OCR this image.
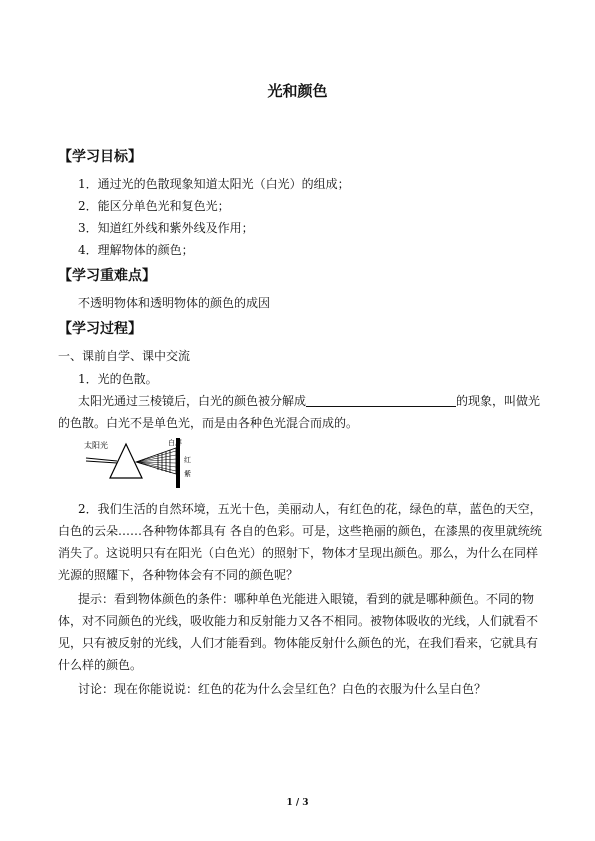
光和颜色
【学习目标】
1．通过光的色散现象知道太阳光（白光）的组成；
2．能区分单色光和复色光；
3．知道红外线和紫外线及作用；
4．理解物体的颜色；
【学习重难点】
不透明物体和透明物体的颜色的成因
【学习过程】
一、课前自学、课中交流
1．光的色散。
太阳光通过三棱镜后，白光的颜色被分解成	的现象，叫做光
的色散。白光不是单色光，而是由各种色光混合而成的。
太阳光	白屏
红
紫
2．我们生活的自然环境，五光十色，美丽动人，有红色的花，绿色的草，蓝色的天空，
白色的云朵……各种物体都具有 各自的色彩。可是，这些艳丽的颜色，在漆黑的夜里就统统
消失了。这说明只有在阳光（白色光）的照射下，物体才呈现出颜色。那么，为什么在同样
光源的照耀下，各种物体会有不同的颜色呢？
提示：看到物体颜色的条件：哪种单色光能进入眼镜，看到的就是哪种颜色。不同的物
体，对不同颜色的光线，吸收能力和反射能力又各不相同。被物体吸收的光线，人们就看不
见，只有被反射的光线，人们才能看到。物体能反射什么颜色的光，在我们看来，它就具有
什么样的颜色。
讨论：现在你能说说：红色的花为什么会呈红色？白色的衣服为什么呈白色？
1 / 3
